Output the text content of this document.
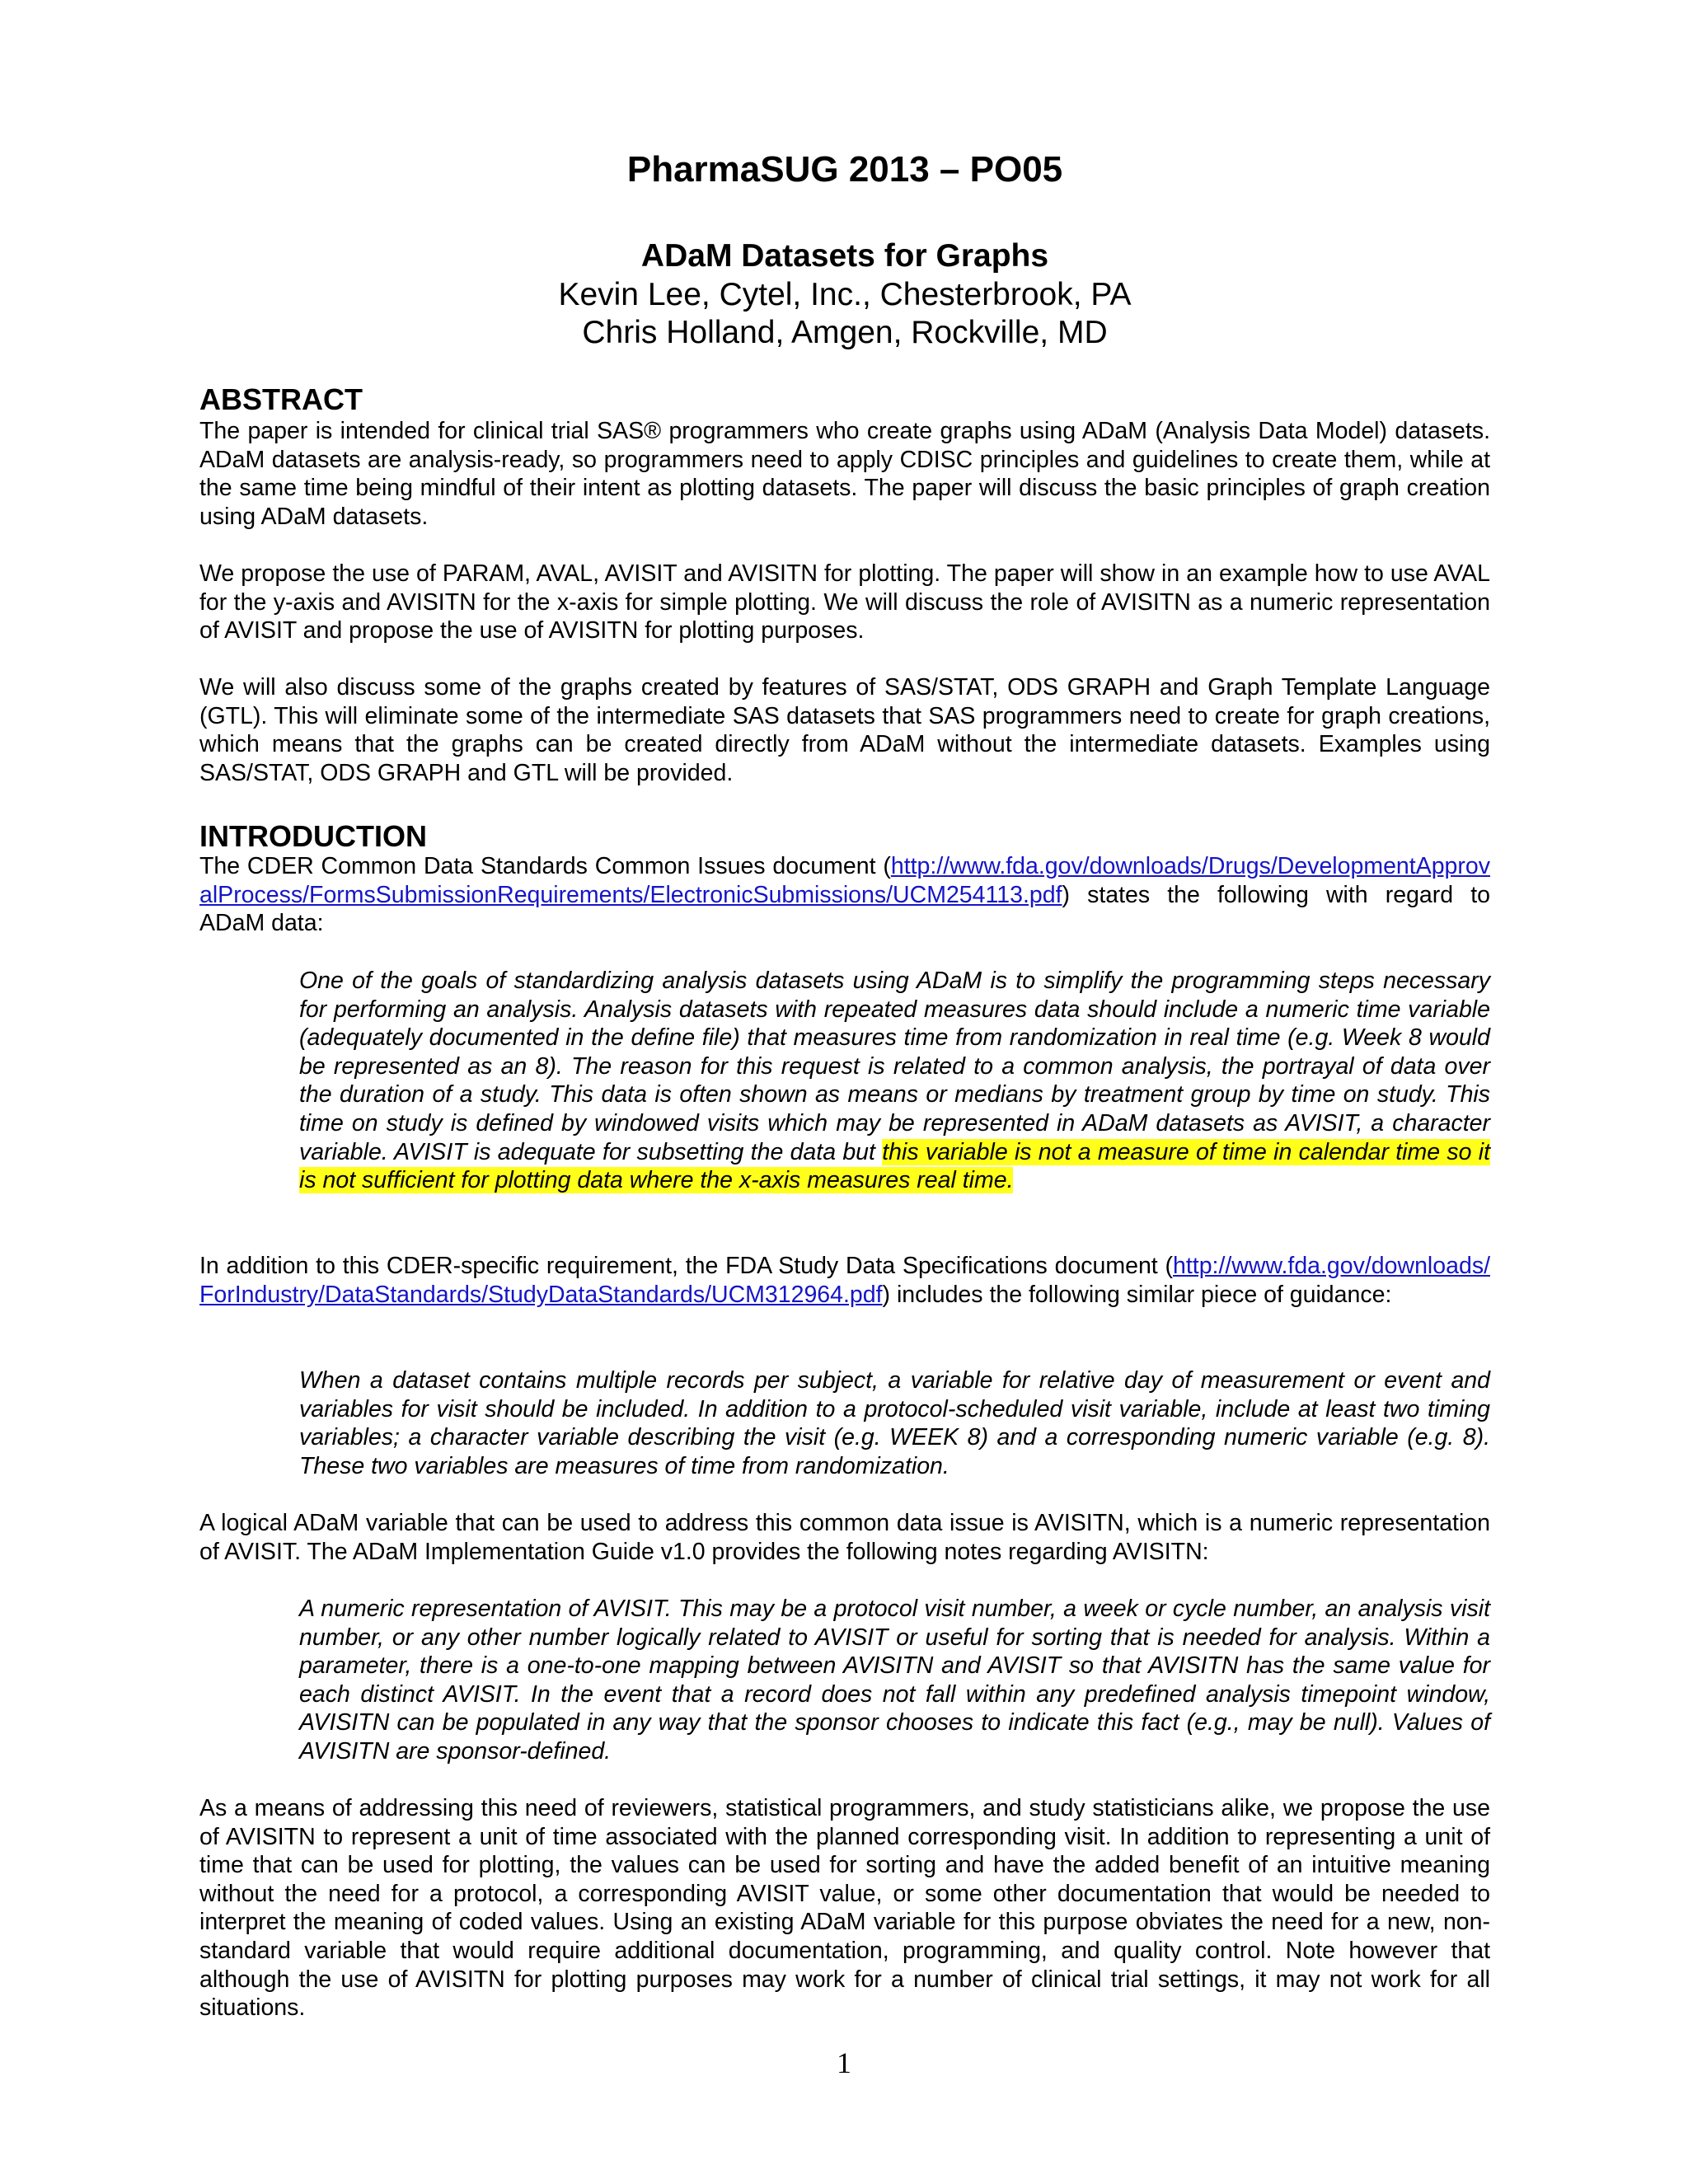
PharmaSUG 2013 – PO05
ADaM Datasets for Graphs
Kevin Lee, Cytel, Inc., Chesterbrook, PA
Chris Holland, Amgen, Rockville, MD
ABSTRACT
The paper is intended for clinical trial SAS® programmers who create graphs using ADaM (Analysis Data Model) datasets. ADaM datasets are analysis-ready, so programmers need to apply CDISC principles and guidelines to create them, while at the same time being mindful of their intent as plotting datasets. The paper will discuss the basic principles of graph creation using ADaM datasets.
We propose the use of PARAM, AVAL, AVISIT and AVISITN for plotting. The paper will show in an example how to use AVAL for the y-axis and AVISITN for the x-axis for simple plotting. We will discuss the role of AVISITN as a numeric representation of AVISIT and propose the use of AVISITN for plotting purposes.
We will also discuss some of the graphs created by features of SAS/STAT, ODS GRAPH and Graph Template Language (GTL). This will eliminate some of the intermediate SAS datasets that SAS programmers need to create for graph creations, which means that the graphs can be created directly from ADaM without the intermediate datasets. Examples using SAS/STAT, ODS GRAPH and GTL will be provided.
INTRODUCTION
The CDER Common Data Standards Common Issues document (http://www.fda.gov/downloads/Drugs/DevelopmentApprovalProcess/FormsSubmissionRequirements/ElectronicSubmissions/UCM254113.pdf) states the following with regard to ADaM data:
One of the goals of standardizing analysis datasets using ADaM is to simplify the programming steps necessary for performing an analysis. Analysis datasets with repeated measures data should include a numeric time variable (adequately documented in the define file) that measures time from randomization in real time (e.g. Week 8 would be represented as an 8). The reason for this request is related to a common analysis, the portrayal of data over the duration of a study. This data is often shown as means or medians by treatment group by time on study. This time on study is defined by windowed visits which may be represented in ADaM datasets as AVISIT, a character variable. AVISIT is adequate for subsetting the data but this variable is not a measure of time in calendar time so it is not sufficient for plotting data where the x-axis measures real time.
In addition to this CDER-specific requirement, the FDA Study Data Specifications document (http://www.fda.gov/downloads/ForIndustry/DataStandards/StudyDataStandards/UCM312964.pdf) includes the following similar piece of guidance:
When a dataset contains multiple records per subject, a variable for relative day of measurement or event and variables for visit should be included. In addition to a protocol-scheduled visit variable, include at least two timing variables; a character variable describing the visit (e.g. WEEK 8) and a corresponding numeric variable (e.g. 8). These two variables are measures of time from randomization.
A logical ADaM variable that can be used to address this common data issue is AVISITN, which is a numeric representation of AVISIT. The ADaM Implementation Guide v1.0 provides the following notes regarding AVISITN:
A numeric representation of AVISIT. This may be a protocol visit number, a week or cycle number, an analysis visit number, or any other number logically related to AVISIT or useful for sorting that is needed for analysis. Within a parameter, there is a one-to-one mapping between AVISITN and AVISIT so that AVISITN has the same value for each distinct AVISIT. In the event that a record does not fall within any predefined analysis timepoint window, AVISITN can be populated in any way that the sponsor chooses to indicate this fact (e.g., may be null). Values of AVISITN are sponsor-defined.
As a means of addressing this need of reviewers, statistical programmers, and study statisticians alike, we propose the use of AVISITN to represent a unit of time associated with the planned corresponding visit. In addition to representing a unit of time that can be used for plotting, the values can be used for sorting and have the added benefit of an intuitive meaning without the need for a protocol, a corresponding AVISIT value, or some other documentation that would be needed to interpret the meaning of coded values. Using an existing ADaM variable for this purpose obviates the need for a new, non-standard variable that would require additional documentation, programming, and quality control. Note however that although the use of AVISITN for plotting purposes may work for a number of clinical trial settings, it may not work for all situations.
1
